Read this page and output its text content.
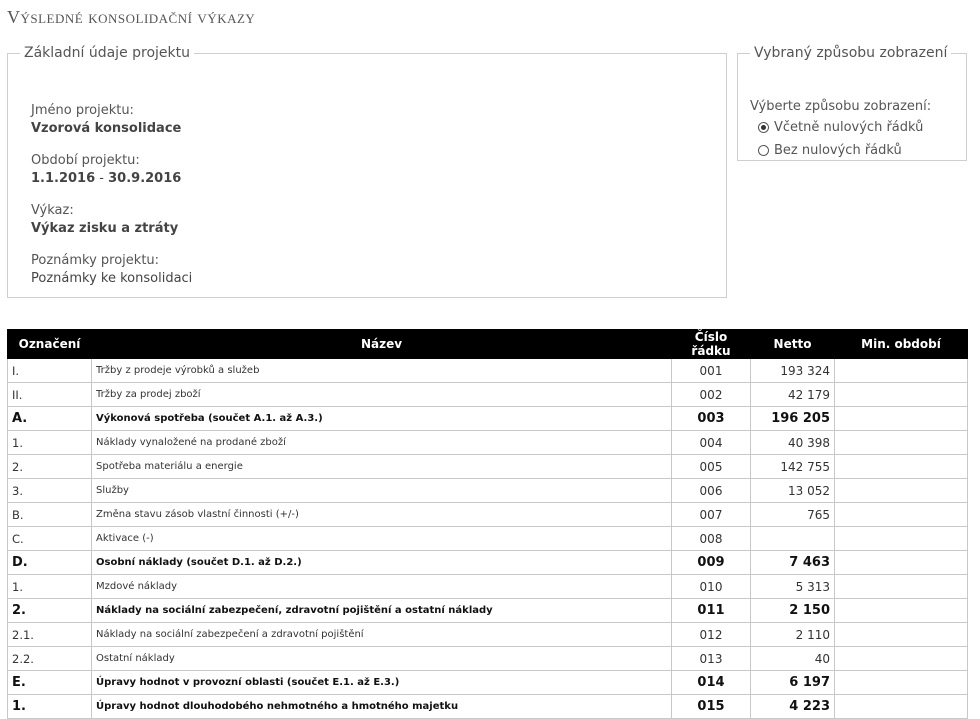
Výsledné konsolidační výkazy
Základní údaje projektu
Jméno projektu:
Vzorová konsolidace
Období projektu:
1.1.2016 - 30.9.2016
Výkaz:
Výkaz zisku a ztráty
Poznámky projektu:
Poznámky ke konsolidaci
Vybraný způsobu zobrazení
Výberte způsobu zobrazení:
Včetně nulových řádků
Bez nulových řádků
Označení	Název	Číslo řádku	Netto	Min. období
I.	Tržby z prodeje výrobků a služeb	001	193 324	
II.	Tržby za prodej zboží	002	42 179	
A.	Výkonová spotřeba (součet A.1. až A.3.)	003	196 205	
1.	Náklady vynaložené na prodané zboží	004	40 398	
2.	Spotřeba materiálu a energie	005	142 755	
3.	Služby	006	13 052	
B.	Změna stavu zásob vlastní činnosti (+/-)	007	765	
C.	Aktivace (-)	008		
D.	Osobní náklady (součet D.1. až D.2.)	009	7 463	
1.	Mzdové náklady	010	5 313	
2.	Náklady na sociální zabezpečení, zdravotní pojištění a ostatní náklady	011	2 150	
2.1.	Náklady na sociální zabezpečení a zdravotní pojištění	012	2 110	
2.2.	Ostatní náklady	013	40	
E.	Úpravy hodnot v provozní oblasti (součet E.1. až E.3.)	014	6 197	
1.	Úpravy hodnot dlouhodobého nehmotného a hmotného majetku	015	4 223	
